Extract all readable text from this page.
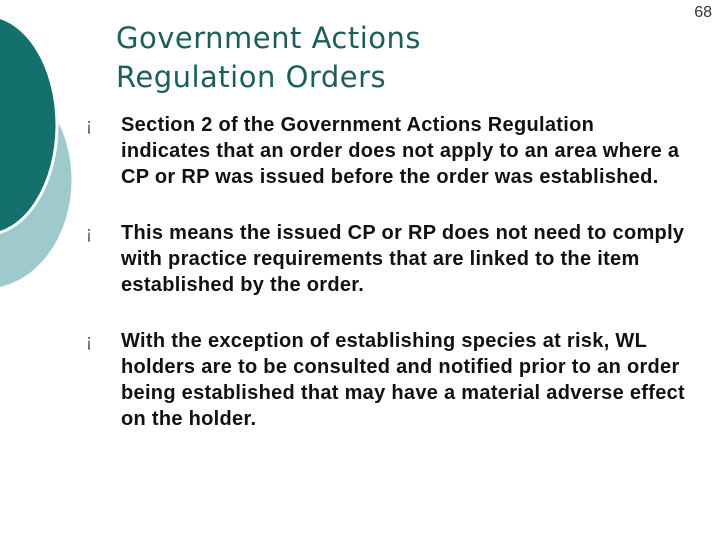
68
Government Actions
Regulation Orders
¡	Section 2 of the Government Actions Regulation indicates that an order does not apply to an area where a CP or RP was issued before the order was established.
¡	This means the issued CP or RP does not need to comply with practice requirements that are linked to the item established by the order.
¡	With the exception of establishing species at risk, WL holders are to be consulted and notified prior to an order being established that may have a material adverse effect on the holder.
